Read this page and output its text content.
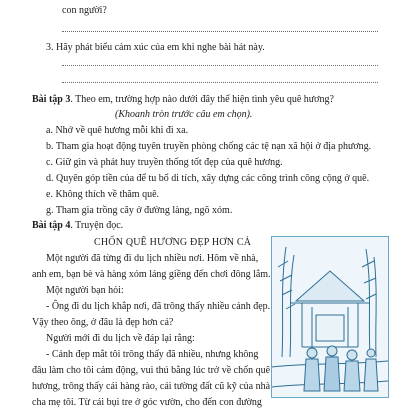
con người?
3. Hãy phát biểu cảm xúc của em khi nghe bài hát này.
Bài tập 3. Theo em, trường hợp nào dưới đây thể hiện tình yêu quê hương?
(Khoanh tròn trước câu em chọn).
a. Nhớ về quê hương mỗi khi đi xa.
b. Tham gia hoạt động tuyên truyền phòng chống các tệ nạn xã hội ở địa phương.
c. Giữ gìn và phát huy truyền thống tốt đẹp của quê hương.
d. Quyên góp tiền của để tu bổ di tích, xây dựng các công trình công cộng ở quê.
e. Không thích về thăm quê.
g. Tham gia trồng cây ở đường làng, ngõ xóm.
Bài tập 4. Truyện đọc.
CHỐN QUÊ HƯƠNG ĐẸP HƠN CẢ
Một người đã từng đi du lịch nhiều nơi. Hôm về nhà,
anh em, bạn bè và hàng xóm láng giềng đến chơi đông lắm.
Một người bạn hỏi:
- Ông đi du lịch khắp nơi, đã trông thấy nhiều cảnh đẹp.
Vậy theo ông, ở đâu là đẹp hơn cả?
Người mới đi du lịch về đáp lại rằng:
- Cảnh đẹp mắt tôi trông thấy đã nhiều, nhưng không
đâu làm cho tôi cảm động, vui thú bằng lúc trở về chốn quê
hương, trông thấy cái hàng rào, cái tường đất cũ kỹ của nhà
cha mẹ tôi. Từ cái bụi tre ở góc vườn, cho đến con đường
